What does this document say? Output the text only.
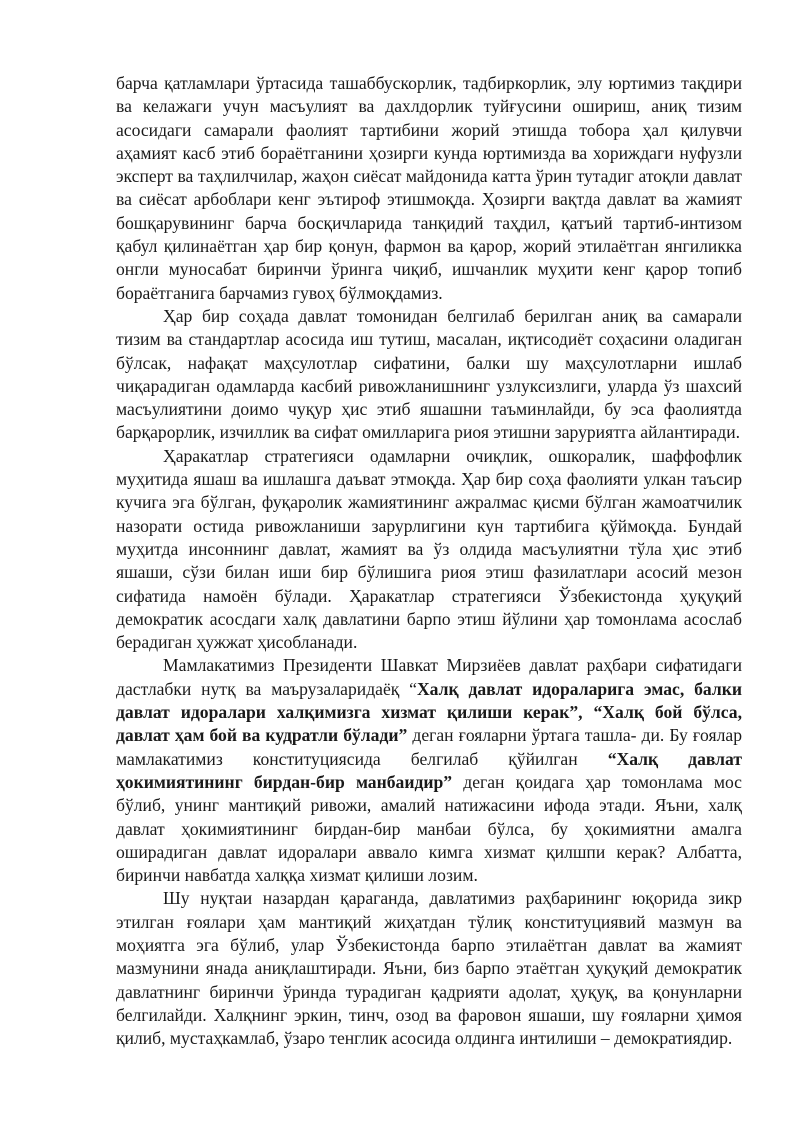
барча қатламлари ўртасида ташаббускорлик, тадбиркорлик, элу юртимиз тақдири ва келажаги учун масъулият ва дахлдорлик туйғусини ошириш, аниқ тизим асосидаги самарали фаолият тартибини жорий этишда тобора ҳал қилувчи аҳамият касб этиб бораётганини ҳозирги кунда юртимизда ва хориждаги нуфузли эксперт ва таҳлилчилар, жаҳон сиёсат майдонида катта ўрин тутадиг атоқли давлат ва сиёсат арбоблари кенг эътироф этишмоқда. Ҳозирги вақтда давлат ва жамият бошқарувининг барча босқичларида танқидий таҳдил, қатъий тартиб-интизом қабул қилинаётган ҳар бир қонун, фармон ва қарор, жорий этилаётган янгиликка онгли муносабат биринчи ўринга чиқиб, ишчанлик муҳити кенг қарор топиб бораётганига барчамиз гувоҳ бўлмоқдамиз.

Ҳар бир соҳада давлат томонидан белгилаб берилган аниқ ва самарали тизим ва стандартлар асосида иш тутиш, масалан, иқтисодиёт соҳасини оладиган бўлсак, нафақат маҳсулотлар сифатини, балки шу маҳсулотларни ишлаб чиқарадиган одамларда касбий ривожланишнинг узлуксизлиги, уларда ўз шахсий масъулиятини доимо чуқур ҳис этиб яшашни таъминлайди, бу эса фаолиятда барқарорлик, изчиллик ва сифат омилларига риоя этишни заруриятга айлантиради.

Ҳаракатлар стратегияси одамларни очиқлик, ошкоралик, шаффофлик муҳитида яшаш ва ишлашга даъват этмоқда. Ҳар бир соҳа фаолияти улкан таъсир кучига эга бўлган, фуқаролик жамиятининг ажралмас қисми бўлган жамоатчилик назорати остида ривожланиши зарурлигини кун тартибига қўймоқда. Бундай муҳитда инсоннинг давлат, жамият ва ўз олдида масъулиятни тўла ҳис этиб яшаши, сўзи билан иши бир бўлишига риоя этиш фазилатлари асосий мезон сифатида намоён бўлади. Ҳаракатлар стратегияси Ўзбекистонда ҳуқуқий демократик асосдаги халқ давлатини барпо этиш йўлини ҳар томонлама асослаб берадиган ҳужжат ҳисобланади.

Мамлакатимиз Президенти Шавкат Мирзиёев давлат раҳбари сифатидаги дастлабки нутқ ва маърузаларидаёқ “Халқ давлат идораларига эмас, балки давлат идоралари халқимизга хизмат қилиши керак”, “Халқ бой бўлса, давлат ҳам бой ва кудратли бўлади” деган ғояларни ўртага ташла- ди. Бу ғоялар мамлакатимиз конституциясида белгилаб қўйилган “Халқ давлат ҳокимиятининг бирдан-бир манбаидир” деган қоидага ҳар томонлама мос бўлиб, унинг мантиқий ривожи, амалий натижасини ифода этади. Яъни, халқ давлат ҳокимиятининг бирдан-бир манбаи бўлса, бу ҳокимиятни амалга оширадиган давлат идоралари аввало кимга хизмат қилшпи керак? Албатта, биринчи навбатда халққа хизмат қилиши лозим.

Шу нуқтаи назардан қараганда, давлатимиз раҳбарининг юқорида зикр этилган ғоялари ҳам мантиқий жиҳатдан тўлиқ конституциявий мазмун ва моҳиятга эга бўлиб, улар Ўзбекистонда барпо этилаётган давлат ва жамият мазмунини янада аниқлаштиради. Яъни, биз барпо этаётган ҳуқуқий демократик давлатнинг биринчи ўринда турадиган қадрияти адолат, ҳуқуқ, ва қонунларни белгилайди. Халқнинг эркин, тинч, озод ва фаровон яшаши, шу ғояларни ҳимоя қилиб, мустаҳкамлаб, ўзаро тенглик асосида олдинга интилиши – демократиядир.
